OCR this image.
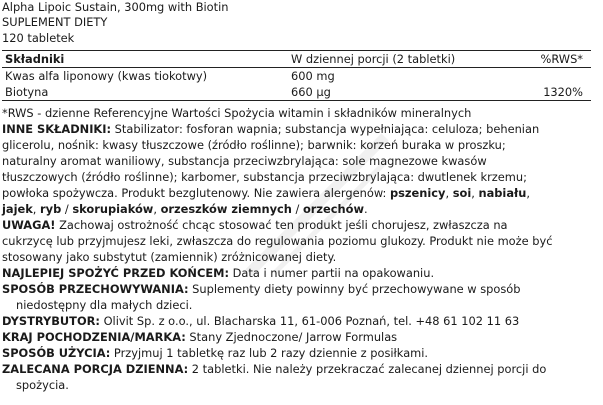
Alpha Lipoic Sustain, 300mg with Biotin
SUPLEMENT DIETY
120 tabletek
Składniki	W dziennej porcji (2 tabletki)	%RWS*
Kwas alfa liponowy (kwas tiokotwy)	600 mg	
Biotyna	660 µg	1320%
*RWS - dzienne Referencyjne Wartości Spożycia witamin i składników mineralnych
INNE SKŁADNIKI: Stabilizator: fosforan wapnia; substancja wypełniająca: celuloza; behenian
glicerolu, nośnik: kwasy tłuszczowe (źródło roślinne); barwnik: korzeń buraka w proszku;
naturalny aromat waniliowy, substancja przeciwzbrylająca: sole magnezowe kwasów
tłuszczowych (źródło roślinne); karbomer, substancja przeciwzbrylająca: dwutlenek krzemu;
powłoka spożywcza. Produkt bezglutenowy. Nie zawiera alergenów: pszenicy, soi, nabiału,
jajek, ryb / skorupiaków, orzeszków ziemnych / orzechów.
UWAGA! Zachowaj ostrożność chcąc stosować ten produkt jeśli chorujesz, zwłaszcza na
cukrzycę lub przyjmujesz leki, zwłaszcza do regulowania poziomu glukozy. Produkt nie może być
stosowany jako substytut (zamiennik) zróżnicowanej diety.
NAJLEPIEJ SPOŻYĆ PRZED KOŃCEM: Data i numer partii na opakowaniu.
SPOSÓB PRZECHOWYWANIA: Suplementy diety powinny być przechowywane w sposób
niedostępny dla małych dzieci.
DYSTRYBUTOR: Olivit Sp. z o.o., ul. Blacharska 11, 61-006 Poznań, tel. +48 61 102 11 63
KRAJ POCHODZENIA/MARKA: Stany Zjednoczone/ Jarrow Formulas
SPOSÓB UŻYCIA: Przyjmuj 1 tabletkę raz lub 2 razy dziennie z posiłkami.
ZALECANA PORCJA DZIENNA: 2 tabletki. Nie należy przekraczać zalecanej dziennej porcji do
spożycia.
